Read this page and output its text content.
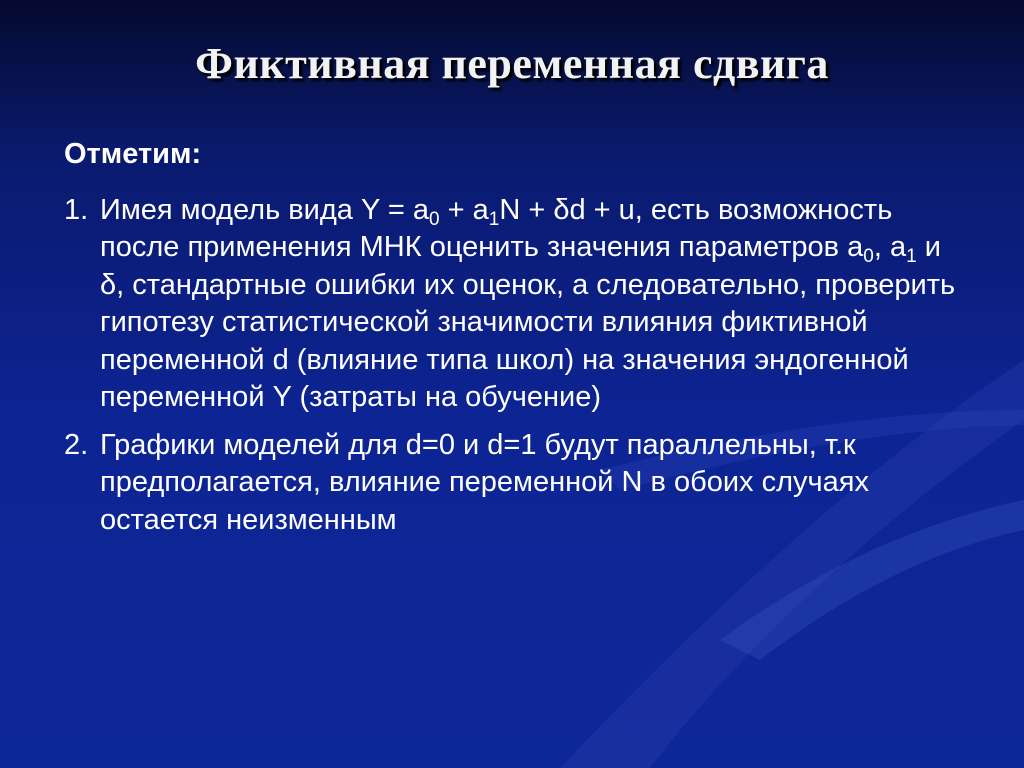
Фиктивная переменная сдвига
Отметим:
1. Имея модель вида $Y = a_0 + a_1N + \delta d + u$, есть возможность после применения МНК оценить значения параметров $a_0$, $a_1$ и δ, стандартные ошибки их оценок, а следовательно, проверить гипотезу статистической значимости влияния фиктивной переменной d (влияние типа школ) на значения эндогенной переменной Y (затраты на обучение)
2. Графики моделей для d=0 и d=1 будут параллельны, т.к предполагается, влияние переменной N в обоих случаях остается неизменным
